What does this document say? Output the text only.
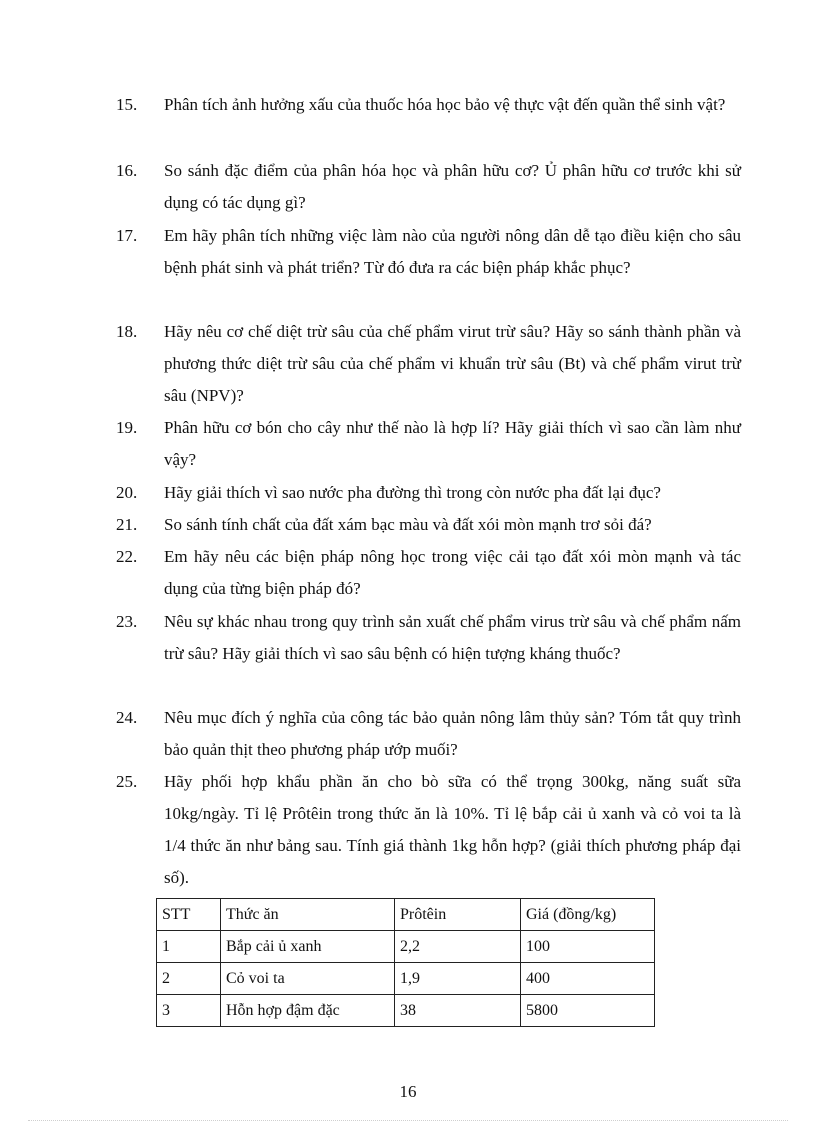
15.	Phân tích ảnh hưởng xấu của thuốc hóa học bảo vệ thực vật đến quần thể sinh vật?
16.	So sánh đặc điểm của phân hóa học và phân hữu cơ? Ủ phân hữu cơ trước khi sử dụng có tác dụng gì?
17.	Em hãy phân tích những việc làm nào của người nông dân dễ tạo điều kiện cho sâu bệnh phát sinh và phát triển? Từ đó đưa ra các biện pháp khắc phục?
18.	Hãy nêu cơ chế diệt trừ sâu của chế phẩm virut trừ sâu? Hãy so sánh thành phần và phương thức diệt trừ sâu của chế phẩm vi khuẩn trừ sâu (Bt) và chế phẩm virut trừ sâu (NPV)?
19.	Phân hữu cơ bón cho cây như thế nào là hợp lí? Hãy giải thích vì sao cần làm như vậy?
20.	Hãy giải thích vì sao nước pha đường thì trong còn nước pha đất lại đục?
21.	So sánh tính chất của đất xám bạc màu và đất xói mòn mạnh trơ sỏi đá?
22.	Em hãy nêu các biện pháp nông học trong việc cải tạo đất xói mòn mạnh và tác dụng của từng biện pháp đó?
23.	Nêu sự khác nhau trong quy trình sản xuất chế phẩm virus trừ sâu và chế phẩm nấm trừ sâu? Hãy giải thích vì sao sâu bệnh có hiện tượng kháng thuốc?
24.	Nêu mục đích ý nghĩa của công tác bảo quản nông lâm thủy sản? Tóm tắt quy trình bảo quản thịt theo phương pháp ướp muối?
25.	Hãy phối hợp khẩu phần ăn cho bò sữa có thể trọng 300kg, năng suất sữa 10kg/ngày. Tỉ lệ Prôtêin trong thức ăn là 10%. Tỉ lệ bắp cải ủ xanh và cỏ voi ta là 1/4 thức ăn như bảng sau. Tính giá thành 1kg hỗn hợp? (giải thích phương pháp đại số).
STT	Thức ăn	Prôtêin	Giá (đồng/kg)
1	Bắp cải ủ xanh	2,2	100
2	Cỏ voi ta	1,9	400
3	Hỗn hợp đậm đặc	38	5800
16
